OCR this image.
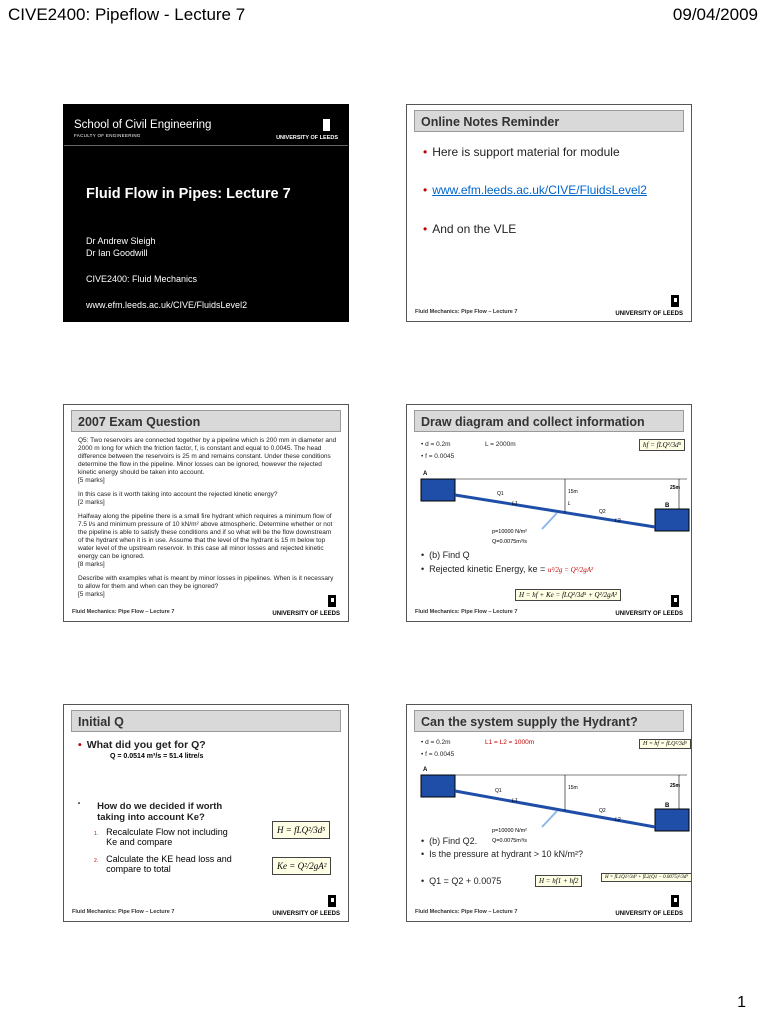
CIVE2400: Pipeflow - Lecture 7	09/04/2009
School of Civil Engineering
FACULTY OF ENGINEERING	UNIVERSITY OF LEEDS
Fluid Flow in Pipes: Lecture 7
Dr Andrew Sleigh
Dr Ian Goodwill
CIVE2400: Fluid Mechanics
www.efm.leeds.ac.uk/CIVE/FluidsLevel2
Online Notes Reminder
• Here is support material for module
• www.efm.leeds.ac.uk/CIVE/FluidsLevel2
• And on the VLE
Fluid Mechanics: Pipe Flow – Lecture 7	UNIVERSITY OF LEEDS
2007 Exam Question
Q5: Two reservoirs are connected together by a pipeline which is 200 mm in diameter and 2000 m long for which the friction factor, f, is constant and equal to 0.0045. The head difference between the reservoirs is 25 m and remains constant. Under these conditions determine the flow in the pipeline. Minor losses can be ignored, however the rejected kinetic energy should be taken into account.
[5 marks]
In this case is it worth taking into account the rejected kinetic energy?
[2 marks]
Halfway along the pipeline there is a small fire hydrant which requires a minimum flow of 7.5 l/s and minimum pressure of 10 kN/m² above atmospheric. Determine whether or not the pipeline is able to satisfy these conditions and if so what will be the flow downstream of the hydrant when it is in use. Assume that the level of the hydrant is 15 m below top water level of the upstream reservoir. In this case all minor losses and rejected kinetic energy can be ignored.
[8 marks]
Describe with examples what is meant by minor losses in pipelines. When is it necessary to allow for them and when can they be ignored?
[5 marks]
Fluid Mechanics: Pipe Flow – Lecture 7	UNIVERSITY OF LEEDS
Draw diagram and collect information
• d = 0.2m	L = 2000m
• f = 0.0045
hf = fLQ²/3d⁵
A
B
Q1
L1
Q2
L2
L
15m
25m
p=10000 N/m²
Q=0.0075m³/s
• (b) Find Q
• Rejected kinetic Energy, ke = u²/2g = Q²/2gA²
H = hf + Ke = fLQ²/3d⁵ + Q²/2gA²
Fluid Mechanics: Pipe Flow – Lecture 7	UNIVERSITY OF LEEDS
Initial Q
• What did you get for Q?
Q = 0.0514 m³/s = 51.4 litre/s
• How do we decided if worth taking into account Ke?
1. Recalculate Flow not including Ke and compare
2. Calculate the KE head loss and compare to total
H = fLQ²/3d⁵
Ke = Q²/2gA²
Fluid Mechanics: Pipe Flow – Lecture 7	UNIVERSITY OF LEEDS
Can the system supply the Hydrant?
• d = 0.2m	L1 = L2 = 1000m
• f = 0.0045
H = hf = fLQ²/3d⁵
A
B
Q1
L1
Q2
L2
15m	25m
p=10000 N/m²
Q=0.0075m³/s
• (b) Find Q2.
• Is the pressure at hydrant > 10 kN/m²?
• Q1 = Q2 + 0.0075	H = hf1 + hf2	H = fL1Q1²/3d⁵ + fL2(Q1 − 0.0075)²/3d⁵
Fluid Mechanics: Pipe Flow – Lecture 7	UNIVERSITY OF LEEDS
1
